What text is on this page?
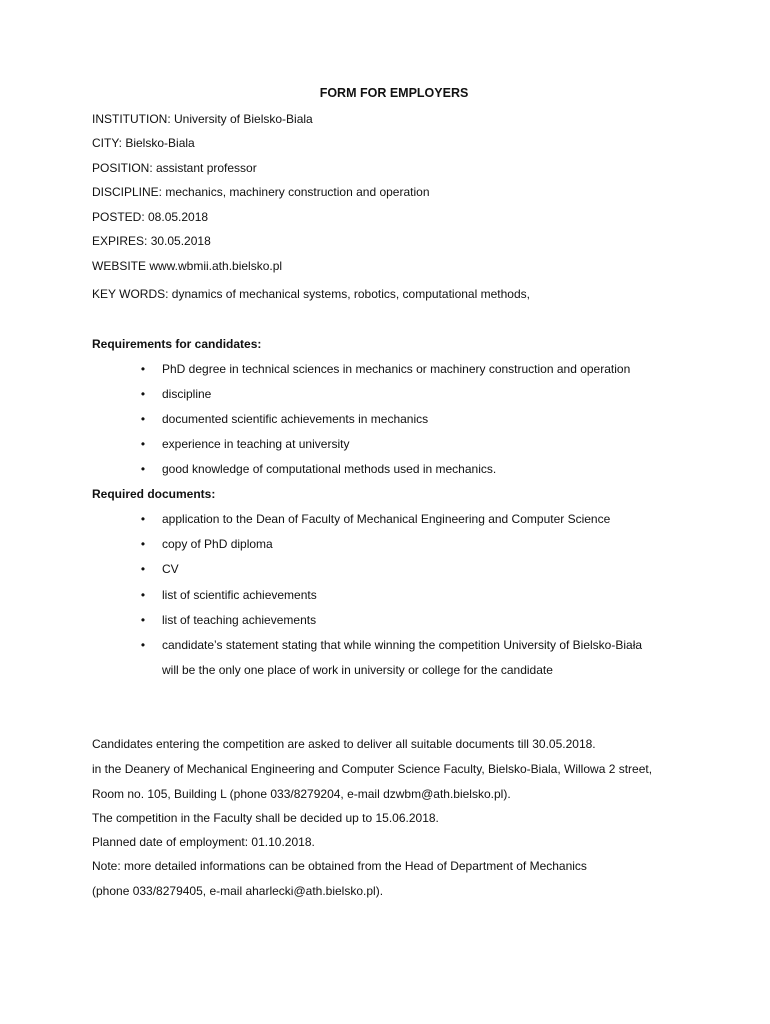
FORM FOR EMPLOYERS
INSTITUTION: University of Bielsko-Biala
CITY: Bielsko-Biala
POSITION: assistant professor
DISCIPLINE: mechanics, machinery construction and operation
POSTED: 08.05.2018
EXPIRES: 30.05.2018
WEBSITE www.wbmii.ath.bielsko.pl
KEY WORDS: dynamics of mechanical systems, robotics, computational methods,
Requirements for candidates:
• PhD degree in technical sciences in mechanics or machinery construction and operation
• discipline
• documented scientific achievements in mechanics
• experience in teaching at university
• good knowledge of computational methods used in mechanics.
Required documents:
• application to the Dean of Faculty of Mechanical Engineering and Computer Science
• copy of PhD diploma
• CV
• list of scientific achievements
• list of teaching achievements
• candidate’s statement stating that while winning the competition University of Bielsko-Biała
will be the only one place of work in university or college for the candidate
Candidates entering the competition are asked to deliver all suitable documents till 30.05.2018.
in the Deanery of Mechanical Engineering and Computer Science Faculty, Bielsko-Biala, Willowa 2 street,
Room no. 105, Building L (phone 033/8279204, e-mail dzwbm@ath.bielsko.pl).
The competition in the Faculty shall be decided up to 15.06.2018.
Planned date of employment: 01.10.2018.
Note: more detailed informations can be obtained from the Head of Department of Mechanics
(phone 033/8279405, e-mail aharlecki@ath.bielsko.pl).
